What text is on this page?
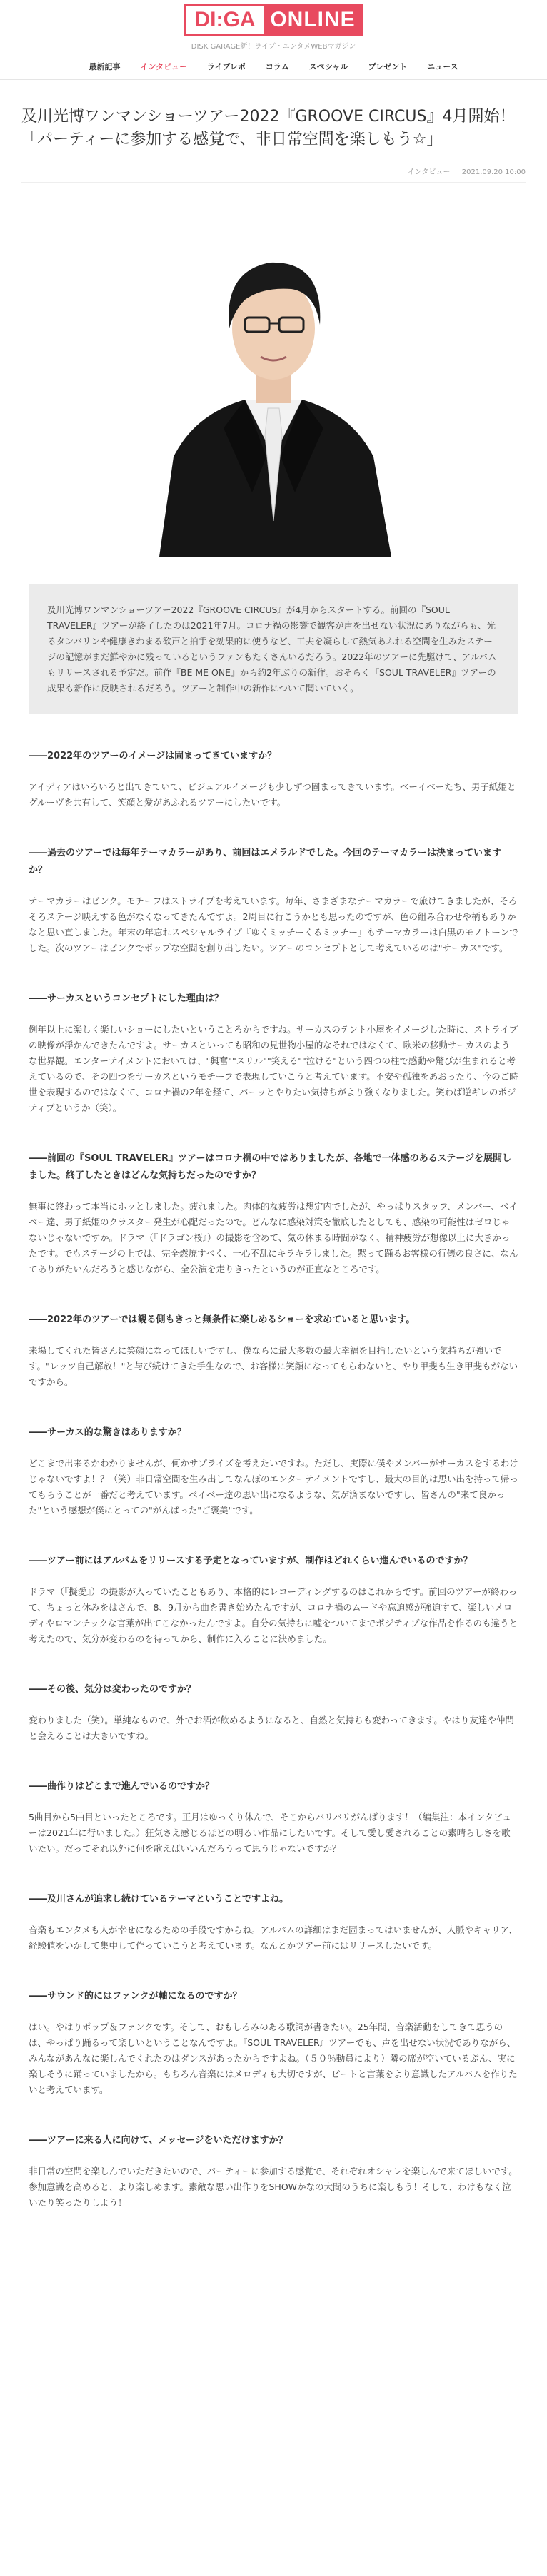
DI:GA ONLINE
DISK GARAGE新！ライブ・エンタメWEBマガジン
最新記事	インタビュー	ライブレポ	コラム	スペシャル	プレゼント	ニュース
及川光博ワンマンショーツアー2022『GROOVE CIRCUS』4月開始！「パーティーに参加する感覚で、非日常空間を楽しもう☆」
インタビュー ｜ 2021.09.20 10:00
及川光博ワンマンショーツアー2022『GROOVE CIRCUS』が4月からスタートする。前回の『SOUL TRAVELER』ツアーが終了したのは2021年7月。コロナ禍の影響で観客が声を出せない状況にありながらも、光るタンバリンや健康きわまる歓声と拍手を効果的に使うなど、工夫を凝らして熱気あふれる空間を生みたステージの記憶がまだ鮮やかに残っているというファンもたくさんいるだろう。2022年のツアーに先駆けて、アルバムもリリースされる予定だ。前作『BE ME ONE』から約2年ぶりの新作。おそらく『SOUL TRAVELER』ツアーの成果も新作に反映されるだろう。ツアーと制作中の新作について聞いていく。

――2022年のツアーのイメージは固まってきていますか？

アイディアはいろいろと出てきていて、ビジュアルイメージも少しずつ固まってきています。ベーイベーたち、男子紙姫とグルーヴを共有して、笑顔と愛があふれるツアーにしたいです。

――過去のツアーでは毎年テーマカラーがあり、前回はエメラルドでした。今回のテーマカラーは決まっていますか？

テーマカラーはピンク。モチーフはストライプを考えています。毎年、さまざまなテーマカラーで旅けてきましたが、そろそろステージ映えする色がなくなってきたんですよ。2周目に行こうかとも思ったのですが、色の組み合わせや柄もありかなと思い直しました。年末の年忘れスペシャルライブ『ゆくミッチーくるミッチー』もテーマカラーは白黒のモノトーンでした。次のツアーはピンクでポップな空間を創り出したい。ツアーのコンセプトとして考えているのは"サーカス"です。

――サーカスというコンセプトにした理由は？

例年以上に楽しく楽しいショーにしたいということろからですね。サーカスのテント小屋をイメージした時に、ストライプの映像が浮かんできたんですよ。サーカスといっても昭和の見世物小屋的なそれではなくて、欧米の移動サーカスのような世界観。エンターテイメントにおいては、"興奮""スリル""笑える""泣ける"という四つの柱で感動や驚びが生まれると考えているので、その四つをサーカスというモチーフで表現していこうと考えています。不安や孤独をあおったり、今のご時世を表現するのではなくて、コロナ禍の2年を経て、パーッとやりたい気持ちがより強くなりました。笑わば逆ギレのポジティブというか（笑）。

――前回の『SOUL TRAVELER』ツアーはコロナ禍の中ではありましたが、各地で一体感のあるステージを展開しました。終了したときはどんな気持ちだったのですか？

無事に終わって本当にホッとしました。疲れました。肉体的な疲労は想定内でしたが、やっぱりスタッフ、メンバー、ベイベー達、男子紙姫のクラスター発生が心配だったので。どんなに感染対策を徹底したとしても、感染の可能性はゼロじゃないじゃないですか。ドラマ（『ドラゴン桜』）の撮影を含めて、気の休まる時間がなく、精神疲労が想像以上に大きかったです。でもステージの上では、完全燃焼すべく、一心不乱にキラキラしました。黙って踊るお客様の行儀の良さに、なんてありがたいんだろうと感じながら、全公演を走りきったというのが正直なところです。

――2022年のツアーでは観る側もきっと無条件に楽しめるショーを求めていると思います。

来場してくれた皆さんに笑顔になってほしいですし、僕ならに最大多数の最大幸福を目指したいという気持ちが強いです。"レッツ自己解放！"と与び続けてきた手生なので、お客様に笑顔になってもらわないと、やり甲斐も生き甲斐もがないですから。

――サーカス的な驚きはありますか？

どこまで出来るかわかりませんが、何かサプライズを考えたいですね。ただし、実際に僕やメンバーがサーカスをするわけじゃないですよ！？（笑）非日常空間を生み出してなんぼのエンターテイメントですし、最大の目的は思い出を持って帰ってもらうことが一番だと考えています。ベイベー達の思い出になるような、気が済まないですし、皆さんの"来て良かった"という感想が僕にとっての"がんばった"ご褒美"です。

――ツアー前にはアルバムをリリースする予定となっていますが、制作はどれくらい進んでいるのですか？

ドラマ（『擬愛』）の撮影が入っていたこともあり、本格的にレコーディングするのはこれからです。前回のツアーが終わって、ちょっと休みをはさんで、8、9月から曲を書き始めたんですが、コロナ禍のムードや忘迫感が強迫すて、楽しいメロディやロマンチックな言葉が出てこなかったんですよ。自分の気持ちに嘘をついてまでポジティブな作品を作るのも違うと考えたので、気分が変わるのを待ってから、制作に入ることに決めました。

――その後、気分は変わったのですか？

変わりました（笑）。単純なもので、外でお酒が飲めるようになると、自然と気持ちも変わってきます。やはり友達や仲間と会えることは大きいですね。

――曲作りはどこまで進んでいるのですか？

5曲目から5曲目といったところです。正月はゆっくり休んで、そこからバリバリがんばります！（編集注：本インタビューは2021年に行いました。）狂気さえ感じるほどの明るい作品にしたいです。そして愛し愛されることの素晴らしさを歌いたい。だってそれ以外に何を歌えばいいんだろうって思うじゃないですか？

――及川さんが追求し続けているテーマということですよね。

音楽もエンタメも人が幸せになるための手段ですからね。アルバムの詳細はまだ固まってはいませんが、人脈やキャリア、経験値をいかして集中して作っていこうと考えています。なんとかツアー前にはリリースしたいです。

――サウンド的にはファンクが軸になるのですか？

はい。やはりポップ＆ファンクです。そして、おもしろみのある歌詞が書きたい。25年間、音楽活動をしてきて思うのは、やっぱり踊るって楽しいということなんですよ。『SOUL TRAVELER』ツアーでも、声を出せない状況でありながら、みんながあんなに楽しんでくれたのはダンスがあったからですよね。（５０％動員により）隣の席が空いているぶん、実に楽しそうに踊っていましたから。もちろん音楽にはメロディも大切ですが、ビートと言葉をより意識したアルバムを作りたいと考えています。

――ツアーに来る人に向けて、メッセージをいただけますか？

非日常の空間を楽しんでいただきたいので、パーティーに参加する感覚で、それぞれオシャレを楽しんで来てほしいです。参加意識を高めると、より楽しめます。素敵な思い出作りをSHOWかなの大間のうちに楽しもう！そして、わけもなく泣いたり笑ったりしよう！
